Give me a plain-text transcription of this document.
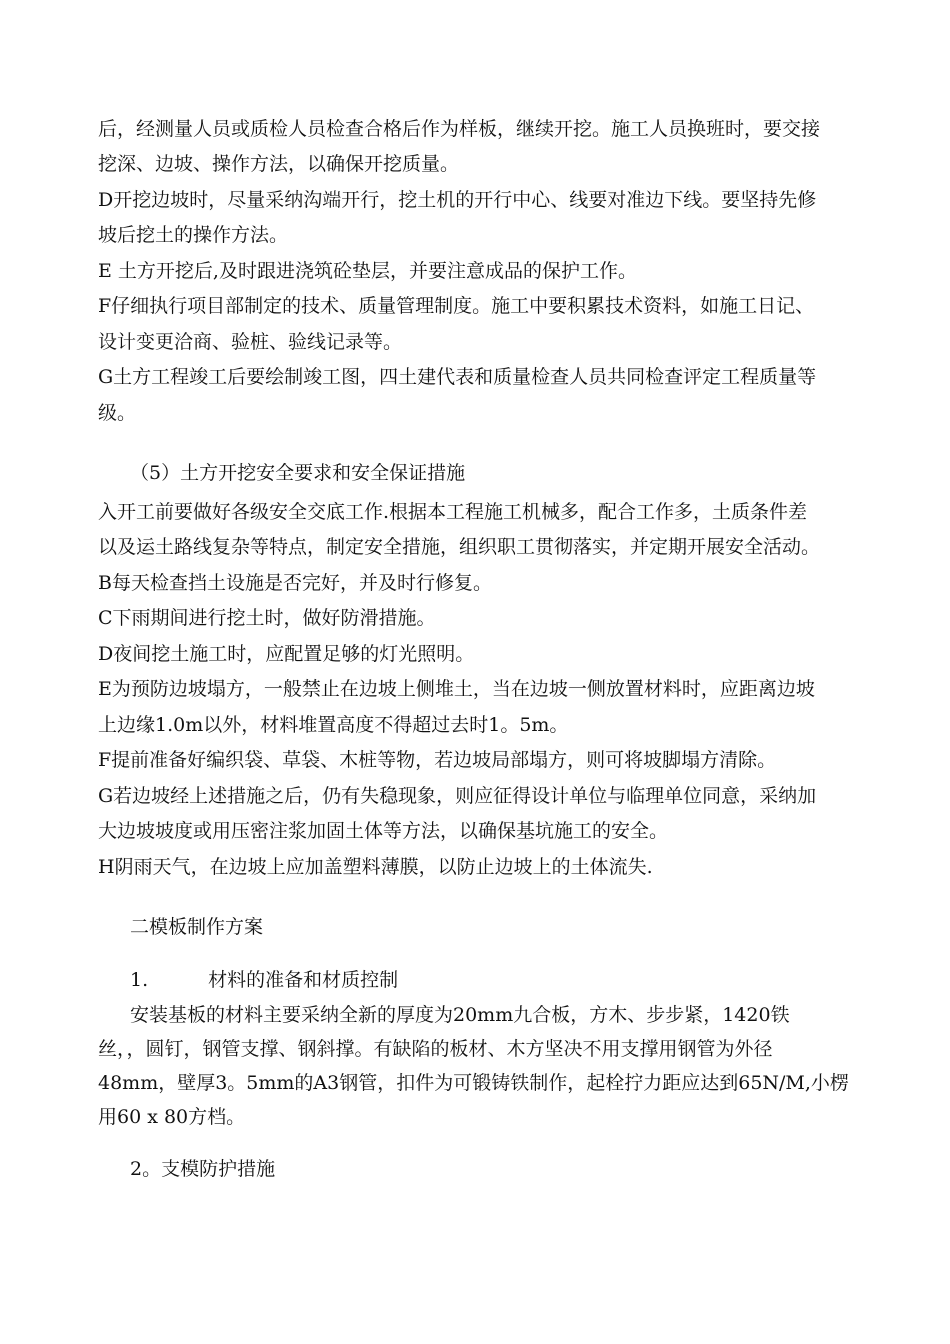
后，经测量人员或质检人员检查合格后作为样板，继续开挖。施工人员换班时，要交接
挖深、边坡、操作方法，以确保开挖质量。
D开挖边坡时，尽量采纳沟端开行，挖土机的开行中心、线要对准边下线。要坚持先修
坡后挖土的操作方法。
E 土方开挖后,及时跟进浇筑砼垫层，并要注意成品的保护工作。
F仔细执行项目部制定的技术、质量管理制度。施工中要积累技术资料，如施工日记、
设计变更洽商、验桩、验线记录等。
G土方工程竣工后要绘制竣工图，四土建代表和质量检查人员共同检查评定工程质量等
级。
（5）土方开挖安全要求和安全保证措施
入开工前要做好各级安全交底工作.根据本工程施工机械多，配合工作多，土质条件差
以及运土路线复杂等特点，制定安全措施，组织职工贯彻落实，并定期开展安全活动。
B每天检查挡土设施是否完好，并及时行修复。
C下雨期间进行挖土时，做好防滑措施。
D夜间挖土施工时，应配置足够的灯光照明。
E为预防边坡塌方，一般禁止在边坡上侧堆土，当在边坡一侧放置材料时，应距离边坡
上边缘1.0m以外，材料堆置高度不得超过去时1。5m。
F提前准备好编织袋、草袋、木桩等物，若边坡局部塌方，则可将坡脚塌方清除。
G若边坡经上述措施之后，仍有失稳现象，则应征得设计单位与临理单位同意，采纳加
大边坡坡度或用压密注浆加固土体等方法，以确保基坑施工的安全。
H阴雨天气，在边坡上应加盖塑料薄膜，以防止边坡上的土体流失.
二模板制作方案
1.	材料的准备和材质控制
安装基板的材料主要采纳全新的厚度为20mm九合板，方木、步步紧，1420铁
丝，，圆钉，钢管支撑、钢斜撑。有缺陷的板材、木方坚决不用支撑用钢管为外径
48mm，壁厚3。5mm的A3钢管，扣件为可锻铸铁制作，起栓拧力距应达到65N/M,小楞
用60 x 80方档。
2。支模防护措施
